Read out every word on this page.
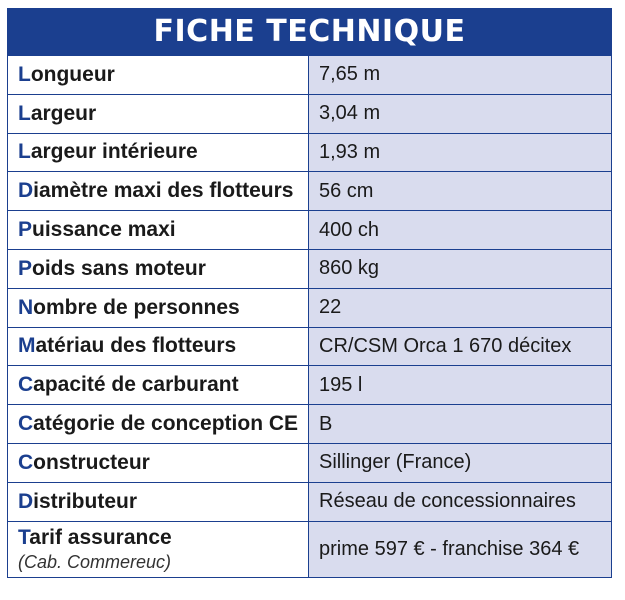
FICHE TECHNIQUE
Longueur	7,65 m
Largeur	3,04 m
Largeur intérieure	1,93 m
Diamètre maxi des flotteurs	56 cm
Puissance maxi	400 ch
Poids sans moteur	860 kg
Nombre de personnes	22
Matériau des flotteurs	CR/CSM Orca 1 670 décitex
Capacité de carburant	195 l
Catégorie de conception CE	B
Constructeur	Sillinger (France)
Distributeur	Réseau de concessionnaires
Tarif assurance
(Cab. Commereuc)	prime 597 € - franchise 364 €
